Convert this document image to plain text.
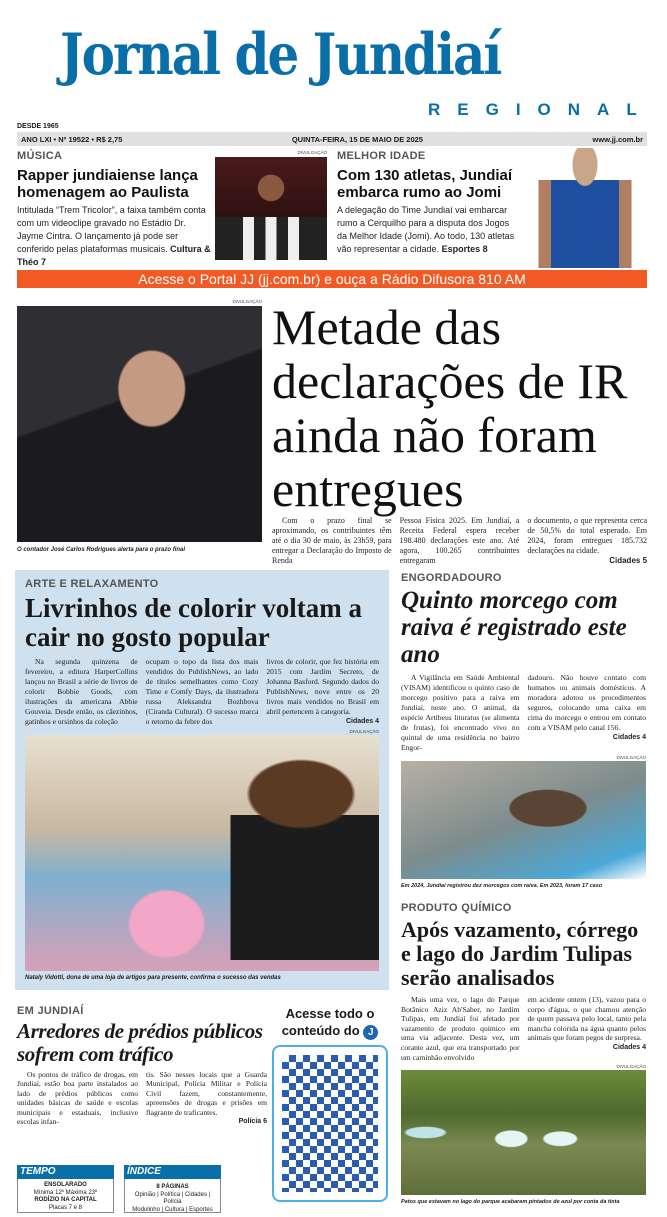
Jornal de Jundiaí
REGIONAL
DESDE 1965
ANO LXI • Nº 19522 • R$ 2,75	QUINTA-FEIRA, 15 DE MAIO DE 2025	www.jj.com.br
MÚSICA
Rapper jundiaiense lança homenagem ao Paulista
Intitulada “Trem Tricolor”, a faixa também conta com um videoclipe gravado no Estádio Dr. Jayme Cintra. O lançamento já pode ser conferido pelas plataformas musicais. Cultura & Théo 7
DIVULGAÇÃO MELHOR IDADE
Com 130 atletas, Jundiaí embarca rumo ao Jomi
A delegação do Time Jundiaí vai embarcar rumo a Cerquilho para a disputa dos Jogos da Melhor Idade (Jomi). Ao todo, 130 atletas vão representar a cidade. Esportes 8
Acesse o Portal JJ (jj.com.br) e ouça a Rádio Difusora 810 AM
DIVULGAÇÃO
O contador José Carlos Rodrigues alerta para o prazo final
Metade das declarações de IR ainda não foram entregues

Com o prazo final se aproximando, os contribuintes têm até o dia 30 de maio, às 23h59, para entregar a Declaração do Imposto de Renda

Pessoa Física 2025. Em Jundiaí, a Receita Federal espera receber 198.480 declarações este ano. Até agora, 100.265 contribuintes entregaram

o documento, o que representa cerca de 50,5% do total esperado. Em 2024, foram entregues 185.732 declarações na cidade.

Cidades 5
ARTE E RELAXAMENTO
Livrinhos de colorir voltam a cair no gosto popular

Na segunda quinzena de fevereiro, a editora HarperCollins lançou no Brasil a série de livros de colorir Bobbie Goods, com ilustrações da americana Abbie Gouveia. Desde então, os cãezinhos, gatinhos e ursinhos da coleção

ocupam o topo da lista dos mais vendidos do PublishNews, ao lado de títulos semelhantes como Cozy Time e Comfy Days, da ilustradora russa Aleksandra Bozhbova (Ciranda Cultural). O sucesso marca o retorno da febre dos

livros de colorir, que fez história em 2015 com Jardim Secreto, de Johanna Basford. Segundo dados do PublishNews, nove entre os 20 livros mais vendidos no Brasil em abril pertencem à categoria.

Cidades 4
DIVULGAÇÃO
Nataly Vidotti, dona de uma loja de artigos para presente, confirma o sucesso das vendas
ENGORDADOURO
Quinto morcego com raiva é registrado este ano

A Vigilância em Saúde Ambiental (VISAM) identificou o quinto caso de morcego positivo para a raiva em Jundiaí, neste ano. O animal, da espécie Artibeus lituratus (se alimenta de frutas), foi encontrado vivo no quintal de uma residência no bairro Engor-

dadouro. Não houve contato com humanos ou animais domésticos. A moradora adotou os procedimentos seguros, colocando uma caixa em cima do morcego e entrou em contato com a VISAM pelo canal 156.

Cidades 4
DIVULGAÇÃO
Em 2024, Jundiaí registrou dez morcegos com raiva. Em 2023, foram 17 caso
PRODUTO QUÍMICO
Após vazamento, córrego e lago do Jardim Tulipas serão analisados

Mais uma vez, o lago do Parque Botânico Aziz Ab'Saber, no Jardim Tulipas, em Jundiaí foi afetado por vazamento de produto químico em uma via adjacente. Desta vez, um corante azul, que era transportado por um caminhão envolvido

em acidente ontem (13), vazou para o corpo d'água, o que chamou atenção de quem passava pelo local, tanto pela mancha colorida na água quanto pelos animais que foram pegos de surpresa.

Cidades 4
DIVULGAÇÃO
Patos que estavam no lago do parque acabaram pintados de azul por conta da tinta
EM JUNDIAÍ
Arredores de prédios públicos sofrem com tráfico

Os pontos de tráfico de drogas, em Jundiaí, estão boa parte instalados ao lado de prédios públicos como unidades básicas de saúde e escolas municipais e estaduais, inclusive escolas infan-

tis. São nesses locais que a Guarda Municipal, Polícia Militar e Polícia Civil fazem, constantemente, apreensões de drogas e prisões em flagrante de traficantes.

Polícia 6
TEMPO
ENSOLARADO
Mínima 12º Máxima 23º
RODÍZIO NA CAPITAL
Placas 7 e 8
ÍNDICE
8 PÁGINAS
Opinião | Política | Cidades | Polícia
Modulinho | Cultura | Esportes
Acesse todo o conteúdo do J
